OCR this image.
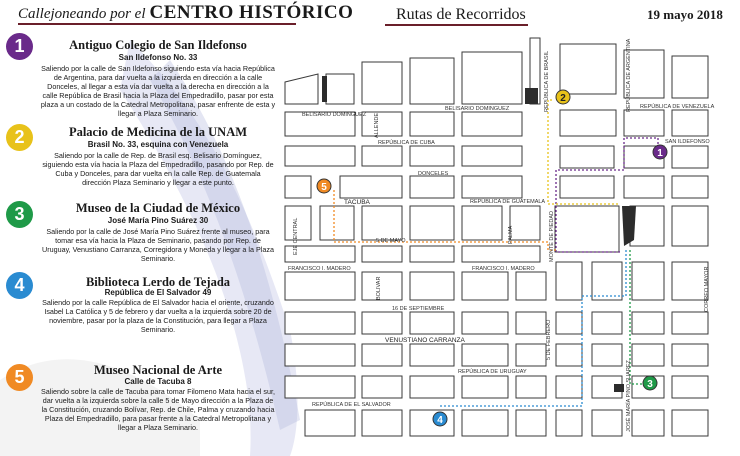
Callejoneando por el CENTRO HISTÓRICO	Rutas de Recorridos	19 mayo 2018
1	Antiguo Colegio de San Ildefonso
San Ildefonso No. 33
Saliendo por la calle de San Ildefonso siguiendo esta vía hacia República de Argentina, para dar vuelta a la izquierda en dirección a la calle Donceles, al llegar a esta vía dar vuelta a la derecha en dirección a la calle República de Brasil hacia la Plaza del Empedradillo, pasar por esta plaza a un costado de la Catedral Metropolitana, pasar enfrente de esta y llegar a Plaza Seminario.
2	Palacio de Medicina de la UNAM
Brasil No. 33, esquina con Venezuela
Saliendo por la calle de Rep. de Brasil esq. Belisario Domínguez, siguiendo esta vía hacia la Plaza del Empedradillo, pasando por Rep. de Cuba y Donceles, para dar vuelta en la calle Rep. de Guatemala dirección Plaza Seminario y llegar a este punto.
3	Museo de la Ciudad de México
José María Pino Suárez 30
Saliendo por la calle de José María Pino Suárez frente al museo, para tomar esa vía hacia la Plaza de Seminario, pasando por Rep. de Uruguay, Venustiano Carranza, Corregidora y Moneda y llegar a la Plaza Seminario.
4	Biblioteca Lerdo de Tejada
República de El Salvador 49
Saliendo por la calle República de El Salvador hacia el oriente, cruzando Isabel La Católica y 5 de febrero y dar vuelta a la izquierda sobre 20 de noviembre, pasar por la plaza de la Constitución, para llegar a Plaza Seminario.
5	Museo Nacional de Arte
Calle de Tacuba 8
Saliendo sobre la calle de Tacuba para tomar Filomeno Mata hacia el sur, dar vuelta a la izquierda sobre la calle 5 de Mayo dirección a la Plaza de la Constitución, cruzando Bolívar, Rep. de Chile, Palma y cruzando hacia Plaza del Empedradillo, para pasar frente a la Catedral Metropolitana y llegar a Plaza Seminario.
BELISARIO DOMINGUEZ
BELISARIO DOMINGUEZ
REPÚBLICA DE CUBA
REPÚBLICA DE VENEZUELA
SAN ILDEFONSO
DONCELES
TACUBA	REPÚBLICA DE GUATEMALA
5 DE MAYO
FRANCISCO I. MADERO	FRANCISCO I. MADERO
16 DE SEPTIEMBRE
VENUSTIANO CARRANZA
REPÚBLICA DE URUGUAY
REPÚBLICA DE EL SALVADOR
REPÚBLICA DE BRASIL	REPÚBLICA DE ARGENTINA
ALLENDE
EJE CENTRAL
BOLIVAR
PALMA	MONTE DE PIEDAD
JOSÉ MARÍA PINO SUAREZ
5 DE FEBRERO
CORREO MAYOR
2
1
5
3
4
